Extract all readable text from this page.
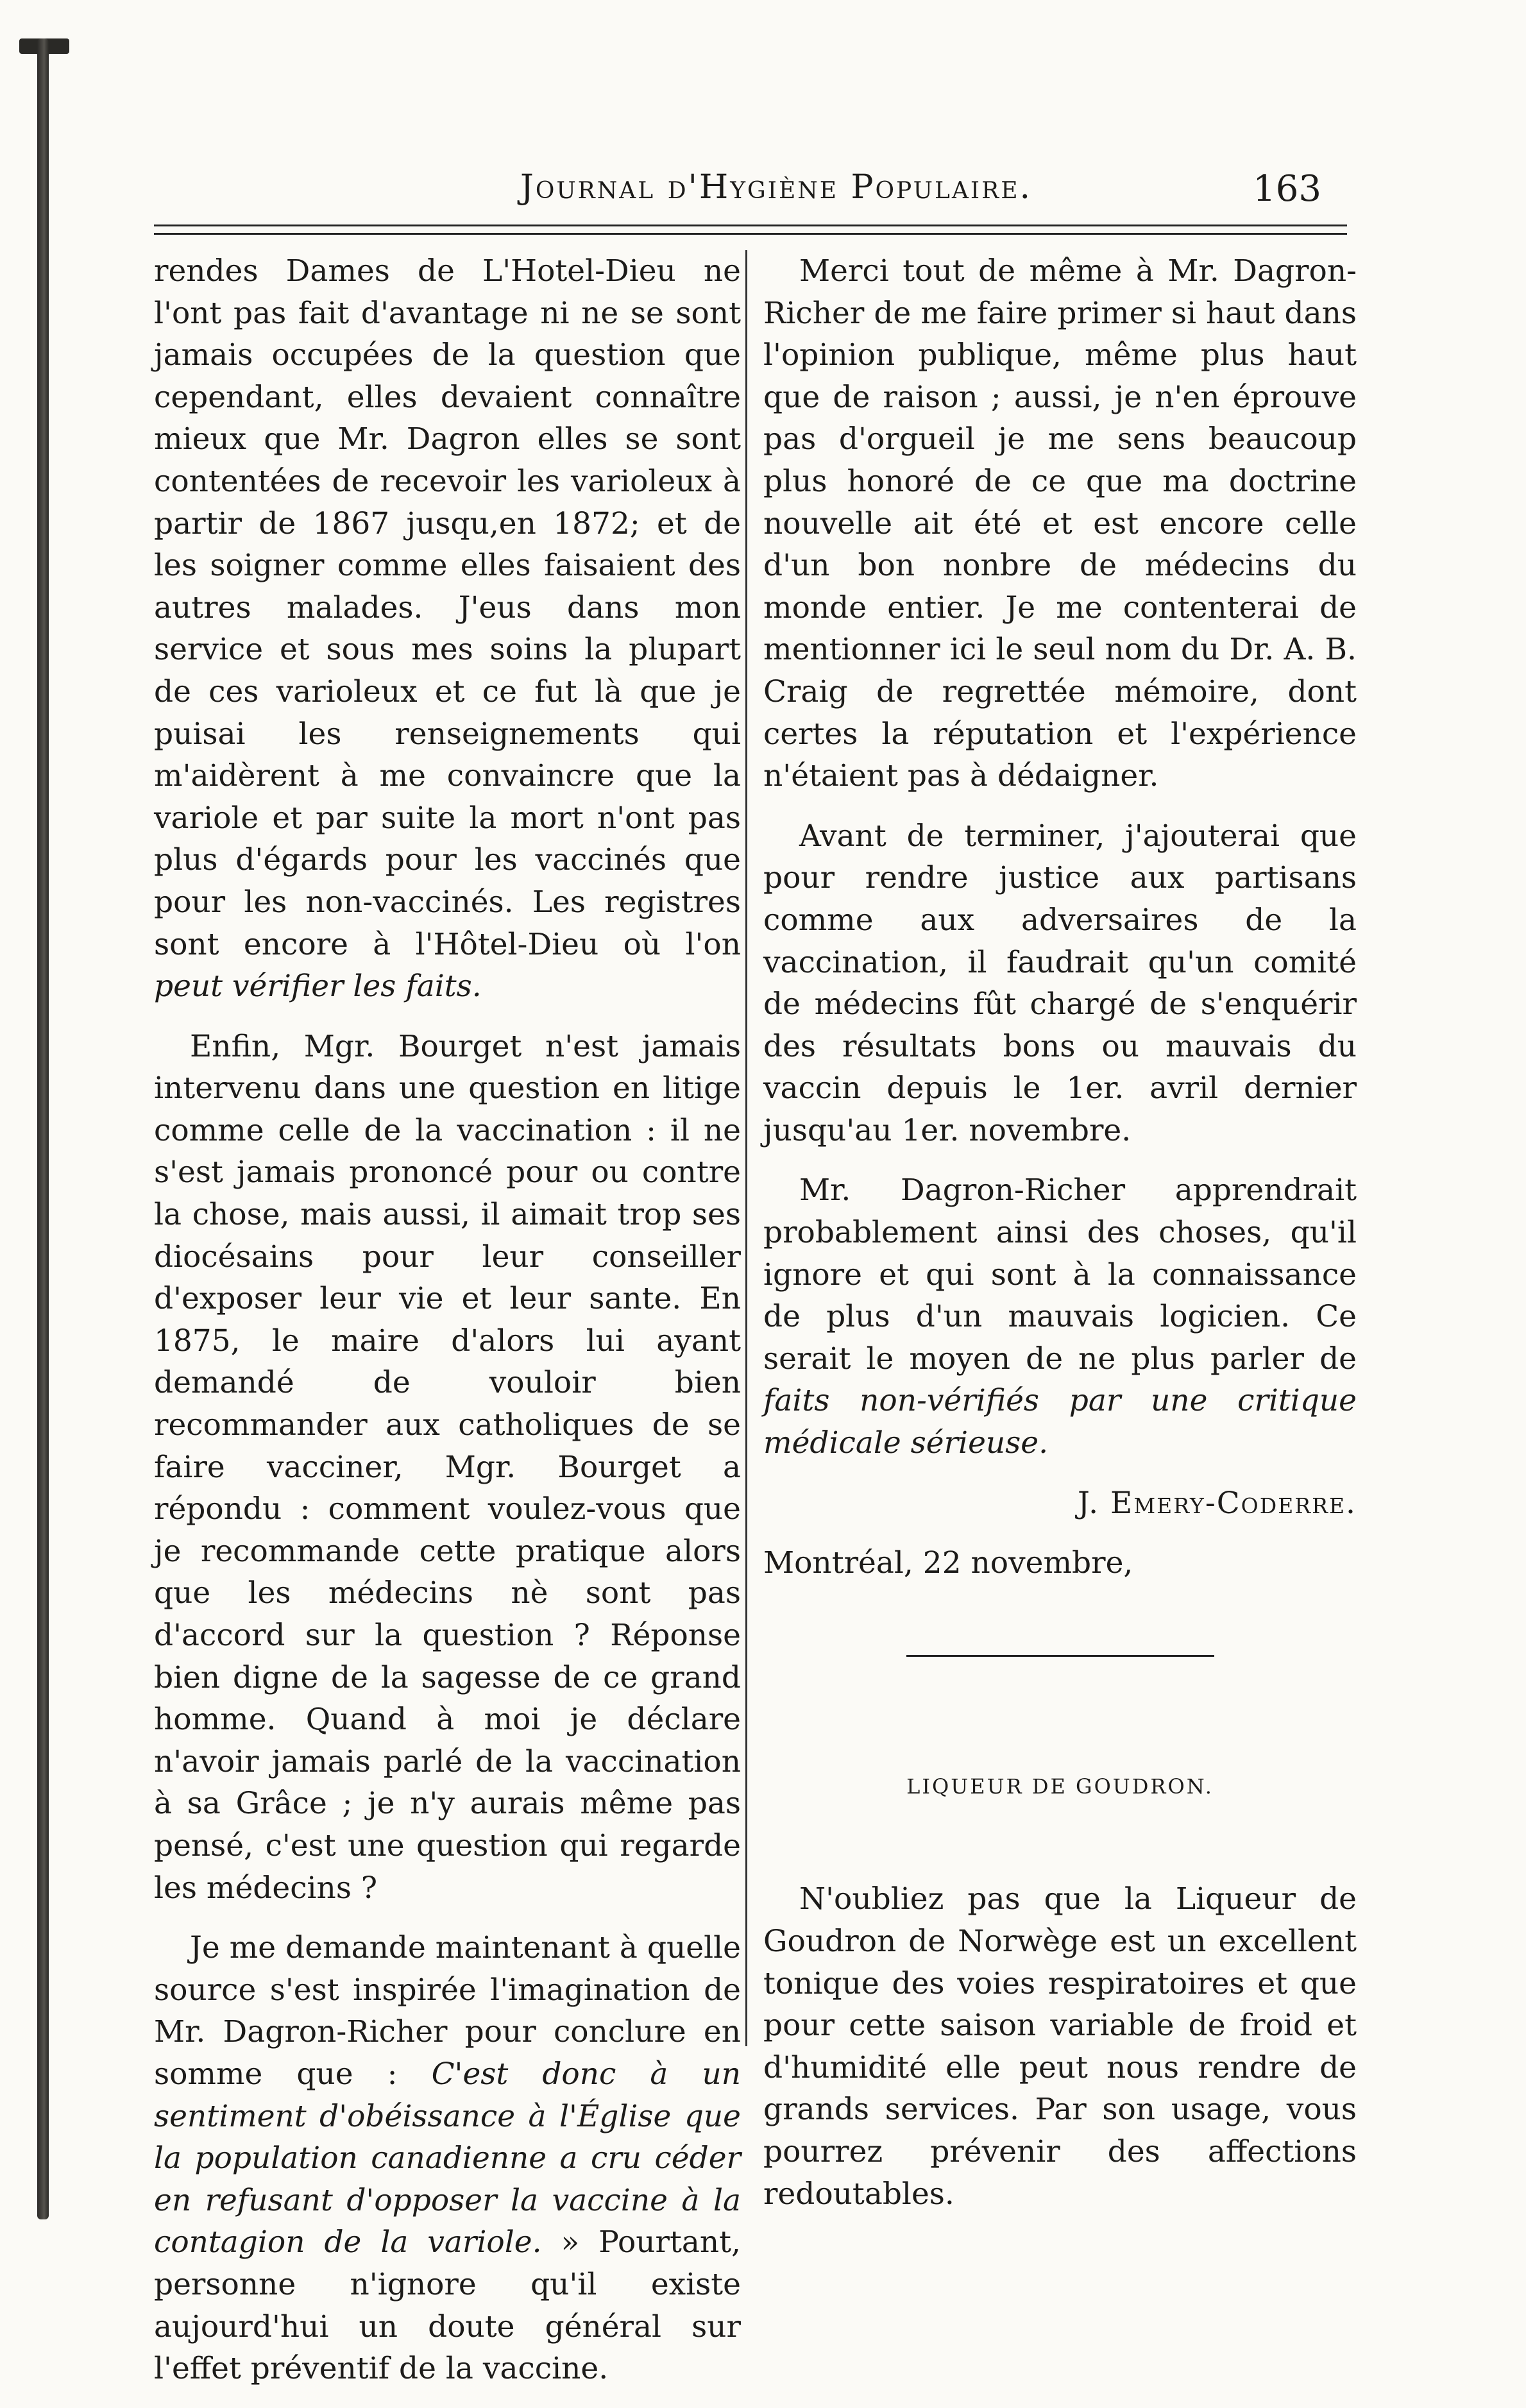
Journal d'Hygiène Populaire.	163

rendes Dames de L'Hotel-Dieu ne l'ont pas fait d'avantage ni ne se sont jamais occupées de la question que cependant, elles devaient connaître mieux que Mr. Dagron elles se sont contentées de recevoir les varioleux à partir de 1867 jusqu,en 1872; et de les soigner comme elles faisaient des autres malades. J'eus dans mon service et sous mes soins la plupart de ces varioleux et ce fut là que je puisai les renseignements qui m'aidèrent à me convaincre que la variole et par suite la mort n'ont pas plus d'égards pour les vaccinés que pour les non-vaccinés. Les registres sont encore à l'Hôtel-Dieu où l'on peut vérifier les faits.

Enfin, Mgr. Bourget n'est jamais intervenu dans une question en litige comme celle de la vaccination : il ne s'est jamais prononcé pour ou contre la chose, mais aussi, il aimait trop ses diocésains pour leur conseiller d'exposer leur vie et leur sante. En 1875, le maire d'alors lui ayant demandé de vouloir bien recommander aux catholiques de se faire vacciner, Mgr. Bourget a répondu : comment voulez-vous que je recommande cette pratique alors que les médecins nè sont pas d'accord sur la question ? Réponse bien digne de la sagesse de ce grand homme. Quand à moi je déclare n'avoir jamais parlé de la vaccination à sa Grâce ; je n'y aurais même pas pensé, c'est une question qui regarde les médecins ?

Je me demande maintenant à quelle source s'est inspirée l'imagination de Mr. Dagron-Richer pour conclure en somme que : C'est donc à un sentiment d'obéissance à l'Église que la population canadienne a cru céder en refusant d'opposer la vaccine à la contagion de la variole. » Pourtant, personne n'ignore qu'il existe aujourd'hui un doute général sur l'effet préventif de la vaccine.

Merci tout de même à Mr. Dagron-Richer de me faire primer si haut dans l'opinion publique, même plus haut que de raison ; aussi, je n'en éprouve pas d'orgueil je me sens beaucoup plus honoré de ce que ma doctrine nouvelle ait été et est encore celle d'un bon nonbre de médecins du monde entier. Je me contenterai de mentionner ici le seul nom du Dr. A. B. Craig de regrettée mémoire, dont certes la réputation et l'expérience n'étaient pas à dédaigner.

Avant de terminer, j'ajouterai que pour rendre justice aux partisans comme aux adversaires de la vaccination, il faudrait qu'un comité de médecins fût chargé de s'enquérir des résultats bons ou mauvais du vaccin depuis le 1er. avril dernier jusqu'au 1er. novembre.

Mr. Dagron-Richer apprendrait probablement ainsi des choses, qu'il ignore et qui sont à la connaissance de plus d'un mauvais logicien. Ce serait le moyen de ne plus parler de faits non-vérifiés par une critique médicale sérieuse.

J. Emery-Coderre.

Montréal, 22 novembre,

LIQUEUR DE GOUDRON.

N'oubliez pas que la Liqueur de Goudron de Norwège est un excellent tonique des voies respiratoires et que pour cette saison variable de froid et d'humidité elle peut nous rendre de grands services. Par son usage, vous pourrez prévenir des affections redoutables.
